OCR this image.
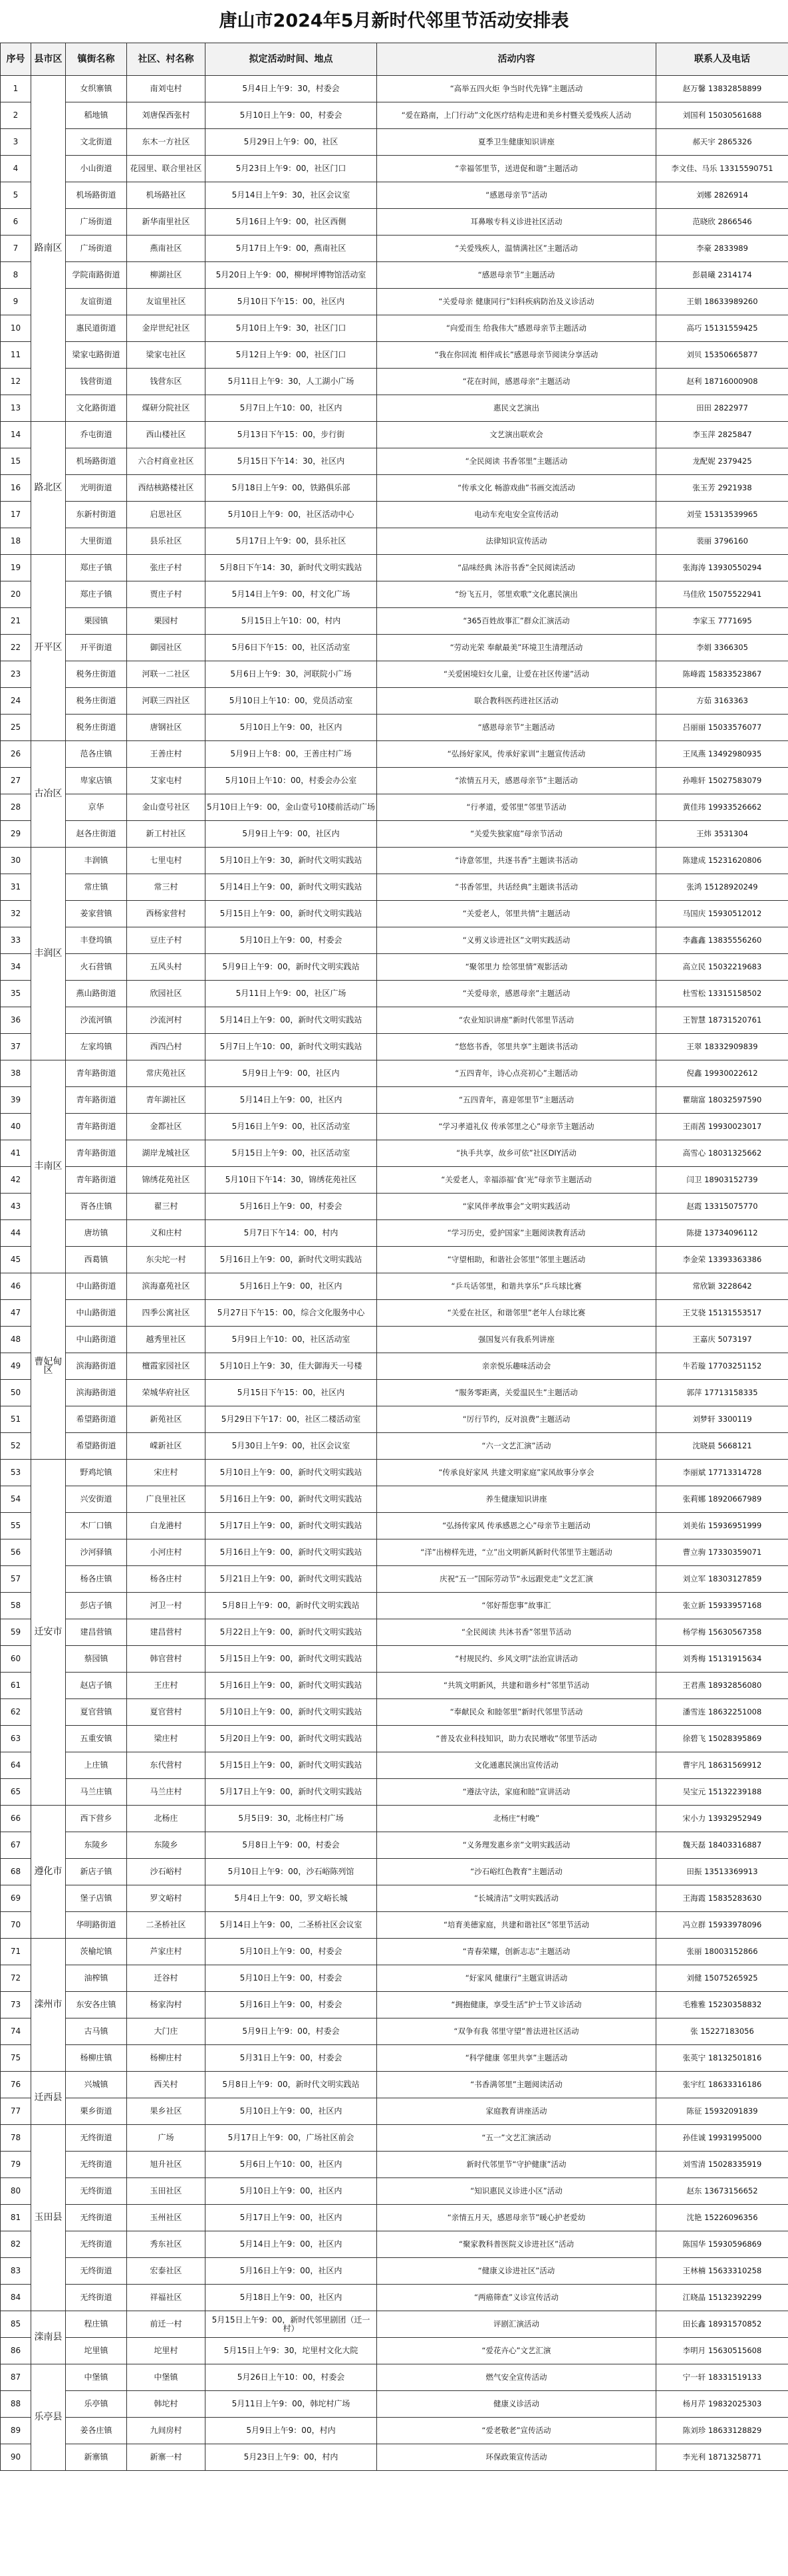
唐山市2024年5月新时代邻里节活动安排表
序号	县市区	镇街名称	社区、村名称	拟定活动时间、地点	活动内容	联系人及电话
1	路南区	女织寨镇	南刘屯村	5月4日上午9：30，村委会	“高举五四火炬 争当时代先锋”主题活动	赵万馨 13832858899
2		稻地镇	刘唐保西张村	5月10日上午9：00，村委会	“爱在路南，上门行动”文化医疗结构走进和美乡村暨关爱残疾人活动	刘国利 15030561688
3		文北街道	东木一方社区	5月29日上午9：00，社区	夏季卫生健康知识讲座	郝天宇 2865326
4		小山街道	花园里、联合里社区	5月23日上午9：00，社区门口	“幸福邻里节，送进促和谐”主题活动	李文佳、马乐 13315590751
5		机场路街道	机场路社区	5月14日上午9：30，社区会议室	“感恩母亲节”活动	刘娜 2826914
6		广场街道	新华南里社区	5月16日上午9：00，社区西侧	耳鼻喉专科义诊进社区活动	范晓欣 2866546
7		广场街道	燕南社区	5月17日上午9：00，燕南社区	“关爱残疾人，温情满社区”主题活动	李豪 2833989
8		学院南路街道	柳湖社区	5月20日上午9：00，柳树坪博物馆活动室	“感恩母亲节”主题活动	彭晨曦 2314174
9		友谊街道	友谊里社区	5月10日下午15：00，社区内	“关爱母亲 健康同行”妇科疾病防治及义诊活动	王娟 18633989260
10		惠民道街道	金岸世纪社区	5月10日上午9：30，社区门口	“向爱而生 给我伟大”感恩母亲节主题活动	高巧 15131559425
11		梁家屯路街道	梁家屯社区	5月12日上午9：00，社区门口	“我在你回流 相伴成长”感恩母亲节阅读分享活动	刘贝 15350665877
12		钱营街道	钱营东区	5月11日上午9：30，人工湖小广场	“花在时间，感恩母亲”主题活动	赵利 18716000908
13		文化路街道	煤研分院社区	5月7日上午10：00，社区内	惠民文艺演出	田田 2822977
14	路北区	乔屯街道	西山楼社区	5月13日下午15：00，步行街	文艺演出联欢会	李玉萍 2825847
15		机场路街道	六合村商业社区	5月15日下午14：30，社区内	“全民阅读 书香邻里”主题活动	龙配妮 2379425
16		光明街道	西结核路楼社区	5月18日上午9：00，铁路俱乐部	“传承文化 畅游戏曲”书画交流活动	张玉芳 2921938
17		东新村街道	启思社区	5月10日上午9：00，社区活动中心	电动车充电安全宣传活动	刘莹 15313539965
18		大里街道	县乐社区	5月17日上午9：00，县乐社区	法律知识宣传活动	裴丽 3796160
19	开平区	郑庄子镇	张庄子村	5月8日下午14：30，新时代文明实践站	“品味经典 沐浴书香”全民阅读活动	张海涛 13930550294
20		郑庄子镇	贾庄子村	5月14日上午9：00，村文化广场	“纷飞五月，邻里欢歌”文化惠民演出	马佳欣 15075522941
21		栗园镇	栗园村	5月15日上午10：00，村内	“365百姓故事汇”群众汇演活动	李家玉 7771695
22		开平街道	御园社区	5月6日下午15：00，社区活动室	“劳动光荣 奉献最美”环境卫生清理活动	李娟 3366305
23		税务庄街道	河联一二社区	5月6日上午9：30，河联院小广场	“关爱困境妇女儿童，让爱在社区传递”活动	陈峰霞 15833523867
24		税务庄街道	河联三四社区	5月10日上午10：00，党员活动室	联合教科医药进社区活动	方茹 3163363
25		税务庄街道	唐钢社区	5月10日上午9：00，社区内	“感恩母亲节”主题活动	吕丽丽 15033576077
26	古冶区	范各庄镇	王善庄村	5月9日上午8：00，王善庄村广场	“弘扬好家风，传承好家训”主题宣传活动	王凤燕 13492980935
27		卑家店镇	艾家屯村	5月10日上午10：00，村委会办公室	“浓情五月天，感恩母亲节”主题活动	孙唯轩 15027583079
28		京华	金山壹号社区	5月10日上午9：00，金山壹号10楼前活动广场	“行孝道，爱邻里”邻里节活动	黄佳玮 19933526662
29		赵各庄街道	新工村社区	5月9日上午9：00，社区内	“关爱失独家庭”母亲节活动	王炜 3531304
30	丰润区	丰润镇	七里屯村	5月10日上午9：30，新时代文明实践站	“诗意邻里，共逐书香”主题读书活动	陈建成 15231620806
31		常庄镇	常三村	5月14日上午9：00，新时代文明实践站	“书香邻里，共话经典”主题读书活动	张鸿 15128920249
32		姜家营镇	西杨家营村	5月15日上午9：00，新时代文明实践站	“关爱老人，邻里共情”主题活动	马国庆 15930512012
33		丰登坞镇	豆庄子村	5月10日上午9：00，村委会	“义剪义诊进社区”文明实践活动	李鑫鑫 13835556260
34		火石营镇	五风头村	5月9日上午9：00，新时代文明实践站	“聚邻里力 绘邻里情”观影活动	高立民 15032219683
35		燕山路街道	欣园社区	5月11日上午9：00，社区广场	“关爱母亲，感恩母亲”主题活动	杜雪松 13315158502
36		沙流河镇	沙流河村	5月14日上午9：00，新时代文明实践站	“农业知识讲座”新时代邻里节活动	王智慧 18731520761
37		左家坞镇	西四凸村	5月7日上午10：00，新时代文明实践站	“悠悠书香，邻里共享”主题读书活动	王翠 18332909839
38	丰南区	青年路街道	常庆苑社区	5月9日上午9：00，社区内	“五四青年，诗心点亮初心”主题活动	倪鑫 19930022612
39		青年路街道	青年湖社区	5月14日上午9：00，社区内	“五四青年，喜迎邻里节”主题活动	瞿瑞富 18032597590
40		青年路街道	金都社区	5月16日上午9：00，社区活动室	“学习孝道礼仪 传承邻里之心”母亲节主题活动	王雨茜 19930023017
41		青年路街道	湖岸龙城社区	5月15日上午9：00，社区活动室	“执手共享，故乡可依”社区DIY活动	高雪心 18031325662
42		青年路街道	锦绣花苑社区	5月10日下午14：30，锦绣花苑社区	“关爱老人，幸福添福‘食’光”母亲节主题活动	闫卫 18903152739
43		胥各庄镇	翟三村	5月16日上午9：00，村委会	“家风伴孝故事会”文明实践活动	赵霞 13315075770
44		唐坊镇	义和庄村	5月7日下午14：00，村内	“学习历史，爱护国家”主题阅读教育活动	陈捷 13734096112
45		西葛镇	东尖坨一村	5月16日上午9：00，新时代文明实践站	“守望相助，和谐社会邻里”邻里主题活动	李金荣 13393363386
46	曹妃甸区	中山路街道	滨海嘉苑社区	5月16日上午9：00，社区内	“乒乓话邻里，和谐共享乐”乒乓球比赛	常欣颖 3228642
47		中山路街道	四季公寓社区	5月27日下午15：00，综合文化服务中心	“关爱在社区，和谐邻里”老年人台球比赛	王艾骁 15131553517
48		中山路街道	越秀里社区	5月9日上午10：00，社区活动室	强国复兴有我系列讲座	王嘉庆 5073197
49		滨海路街道	檀霞家园社区	5月10日上午9：30，佳大御海天一号楼	亲亲悦乐趣味活动会	牛若璇 17703251152
50		滨海路街道	荣城华府社区	5月15日下午15：00，社区内	“服务零距离，关爱温民生”主题活动	郭萍 17713158335
51		希望路街道	新苑社区	5月29日下午17：00，社区二楼活动室	“厉行节约，反对浪费”主题活动	刘梦轩 3300119
52		希望路街道	嵘新社区	5月30日上午9：00，社区会议室	“六一文艺汇演”活动	沈晓晨 5668121
53	迁安市	野鸡坨镇	宋庄村	5月10日上午9：00，新时代文明实践站	“传承良好家风 共建文明家庭”家风故事分享会	李丽斌 17713314728
54		兴安街道	广良里社区	5月16日上午9：00，新时代文明实践站	养生健康知识讲座	张莉娜 18920667989
55		木厂口镇	白龙港村	5月17日上午9：00，新时代文明实践站	“弘扬传家风 传承感恩之心”母亲节主题活动	刘美佑 15936951999
56		沙河驿镇	小河庄村	5月16日上午9：00，新时代文明实践站	“洋”出榜样先进，“立”出文明新风新时代邻里节主题活动	曹立驹 17330359071
57		杨各庄镇	杨各庄村	5月21日上午9：00，新时代文明实践站	庆祝“五一”国际劳动节“永远跟党走”文艺汇演	刘立军 18303127859
58		彭店子镇	河卫一村	5月8日上午9：00，新时代文明实践站	“邻好帮您事”故事汇	张立新 15933957168
59		建昌营镇	建昌营村	5月22日上午9：00，新时代文明实践站	“全民阅读 共沐书香”邻里节活动	杨学梅 15630567358
60		蔡园镇	韩官营村	5月15日上午9：00，新时代文明实践站	“村规民约、乡风文明”法治宣讲活动	刘秀梅 15131915634
61		赵店子镇	王庄村	5月16日上午9：00，新时代文明实践站	“共筑文明新风，共建和谐乡村”邻里节活动	王君燕 18932856080
62		夏官营镇	夏官营村	5月10日上午9：00，新时代文明实践站	“奉献民众 和睦邻里”新时代邻里节活动	潘雪连 18632251008
63		五重安镇	梁庄村	5月20日上午9：00，新时代文明实践站	“普及农业科技知识，助力农民增收”邻里节活动	徐碧飞 15028395869
64		上庄镇	东代营村	5月15日上午9：00，新时代文明实践站	文化通惠民演出宣传活动	曹宇凡 18631569912
65		马兰庄镇	马兰庄村	5月17日上午9：00，新时代文明实践站	“遵法守法，家庭和睦”宣讲活动	吴宝元 15132239188
66	遵化市	西下营乡	北杨庄	5月5日9：30，北杨庄村广场	北杨庄“村晚”	宋小力 13932952949
67		东陵乡	东陵乡	5月8日上午9：00，村委会	“义务理发惠乡亲”文明实践活动	魏天磊 18403316887
68		新店子镇	沙石峪村	5月10日上午9：00，沙石峪陈列馆	“沙石峪红色教育”主题活动	田振 13513369913
69		堡子店镇	罗文峪村	5月4日上午9：00，罗文峪长城	“长城清洁”文明实践活动	王海霞 15835283630
70		华明路街道	二圣桥社区	5月14日上午9：00，二圣桥社区会议室	“培育美德家庭，共建和谐社区”邻里节活动	冯立群 15933978096
71	滦州市	茨榆坨镇	芦家庄村	5月10日上午9：00，村委会	“青春荣耀，创新志志”主题活动	张丽 18003152866
72		油榨镇	迁谷村	5月10日上午9：00，村委会	“好家风 健康行”主题宣讲活动	刘健 15075265925
73		东安各庄镇	杨家沟村	5月16日上午9：00，村委会	“拥抱健康，享受生活”护士节义诊活动	毛雅雅 15230358832
74		古马镇	大门庄	5月9日上午9：00，村委会	“双争有我 邻里守望”普法进社区活动	张 15227183056
75		杨柳庄镇	杨柳庄村	5月31日上午9：00，村委会	“科学健康 邻里共享”主题活动	张英宁 18132501816
76	迁西县	兴城镇	西关村	5月8日上午9：00，新时代文明实践站	“书香满邻里”主题阅读活动	张宇红 18633316186
77		栗乡街道	果乡社区	5月10日上午9：00，社区内	家庭教育讲座活动	陈征 15932091839
78	玉田县	无终街道	广场	5月17日上午9：00，广场社区前会	“五一”文艺汇演活动	孙佳诚 19931995000
79		无终街道	旭升社区	5月6日上午10：00，社区内	新时代邻里节“守护健康”活动	刘雪清 15028335919
80		无终街道	玉田社区	5月10日上午9：00，社区内	“知识惠民义诊进小区”活动	赵东 13673156652
81		无终街道	玉州社区	5月17日上午9：00，社区内	“亲情五月天，感恩母亲节”暖心护老爱幼	沈艳 15226096356
82		无终街道	秀东社区	5月14日上午9：00，社区内	“聚家教科普医院义诊进社区”活动	陈国华 15930596869
83		无终街道	宏泰社区	5月16日上午9：00，社区内	“健康义诊进社区”活动	王林楠 15633310258
84		无终街道	祥福社区	5月18日上午9：00，社区内	“两癌筛查”义诊宣传活动	江晓晶 15132392299
85	滦南县	程庄镇	前迁一村	5月15日上午9：00，新时代邻里剧团（迁一村）	评剧汇演活动	田长鑫 18931570852
86		坨里镇	坨里村	5月15日上午9：30，坨里村文化大院	“爱花卉心”文艺汇演	李明月 15630515608
87	乐亭县	中堡镇	中堡镇	5月26日上午10：00，村委会	燃气安全宣传活动	宁一轩 18331519133
88		乐亭镇	韩坨村	5月11日上午9：00，韩坨村广场	健康义诊活动	杨月芹 19832025303
89		姜各庄镇	九间房村	5月9日上午9：00，村内	“爱老敬老”宣传活动	陈刘珍 18633128829
90		新寨镇	新寨一村	5月23日上午9：00，村内	环保政策宣传活动	李光利 18713258771
